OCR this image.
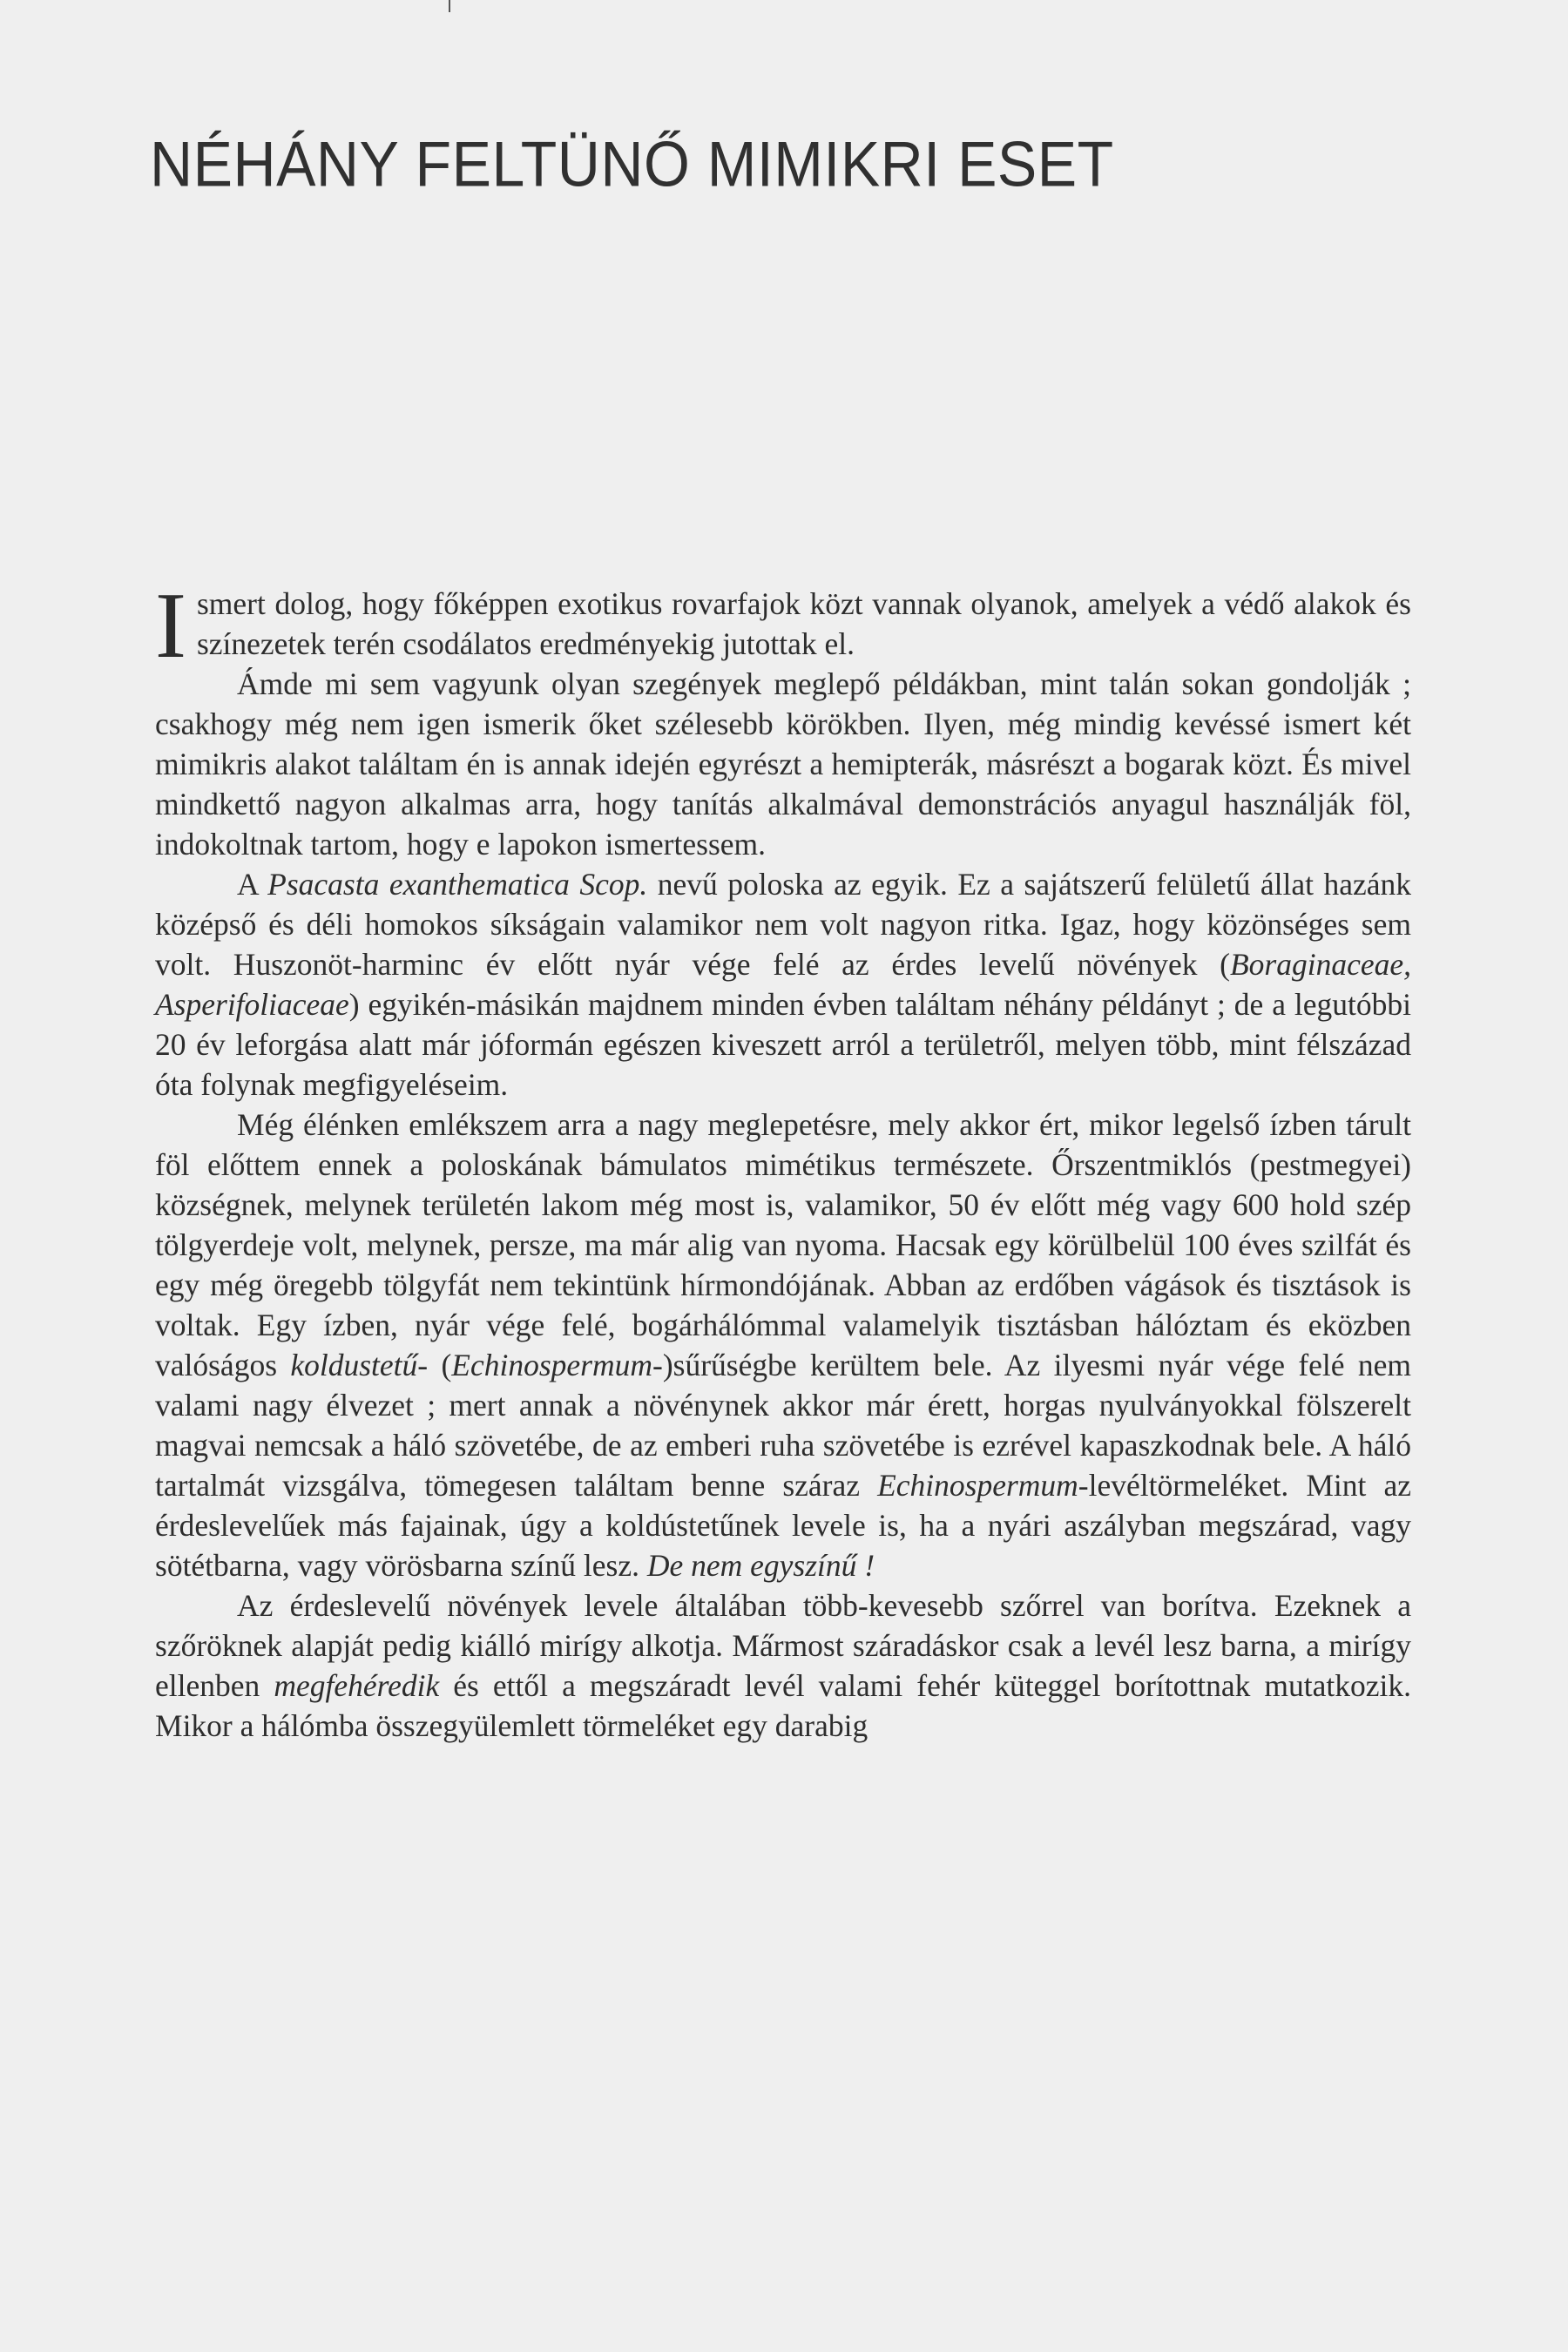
NÉHÁNY FELTÜNŐ MIMIKRI ESET

Ismert dolog, hogy főképpen exotikus rovarfajok közt vannak olyanok, amelyek a védő alakok és színezetek terén csodálatos eredményekig jutottak el.

Ámde mi sem vagyunk olyan szegények meglepő példákban, mint talán sokan gondolják ; csakhogy még nem igen ismerik őket szélesebb körökben. Ilyen, még mindig kevéssé ismert két mimikris alakot találtam én is annak idején egyrészt a hemipterák, másrészt a bogarak közt. És mivel mindkettő nagyon alkalmas arra, hogy tanítás alkalmával demonstrációs anyagul használják föl, indokoltnak tartom, hogy e lapokon ismertessem.

A Psacasta exanthematica Scop. nevű poloska az egyik. Ez a sajátszerű felületű állat hazánk középső és déli homokos síkságain valamikor nem volt nagyon ritka. Igaz, hogy közönséges sem volt. Huszonöt-harminc év előtt nyár vége felé az érdes levelű növények (Boraginaceae, Asperifoliaceae) egyikén-másikán majdnem minden évben találtam néhány példányt ; de a legutóbbi 20 év leforgása alatt már jóformán egészen kiveszett arról a területről, melyen több, mint félszázad óta folynak megfigyeléseim.

Még élénken emlékszem arra a nagy meglepetésre, mely akkor ért, mikor legelső ízben tárult föl előttem ennek a poloskának bámulatos mimétikus természete. Őrszentmiklós (pestmegyei) községnek, melynek területén lakom még most is, valamikor, 50 év előtt még vagy 600 hold szép tölgyerdeje volt, melynek, persze, ma már alig van nyoma. Hacsak egy körülbelül 100 éves szilfát és egy még öregebb tölgyfát nem tekintünk hírmondójának. Abban az erdőben vágások és tisztások is voltak. Egy ízben, nyár vége felé, bogárhálómmal valamelyik tisztásban hálóztam és eközben valóságos koldustetű- (Echinospermum-)sűrűségbe kerültem bele. Az ilyesmi nyár vége felé nem valami nagy élvezet ; mert annak a növénynek akkor már érett, horgas nyulványokkal fölszerelt magvai nemcsak a háló szövetébe, de az emberi ruha szövetébe is ezrével kapaszkodnak bele. A háló tartalmát vizsgálva, tömegesen találtam benne száraz Echinospermum-levéltörmeléket. Mint az érdeslevelűek más fajainak, úgy a koldústetűnek levele is, ha a nyári aszályban megszárad, vagy sötétbarna, vagy vörösbarna színű lesz. De nem egyszínű !

Az érdeslevelű növények levele általában több-kevesebb szőrrel van borítva. Ezeknek a szőröknek alapját pedig kiálló mirígy alkotja. Ma̋rmost száradáskor csak a levél lesz barna, a mirígy ellenben megfehéredik és ettől a megszáradt levél valami fehér küteggel borítottnak mutatkozik. Mikor a hálómba összegyülemlett törmeléket egy darabig
